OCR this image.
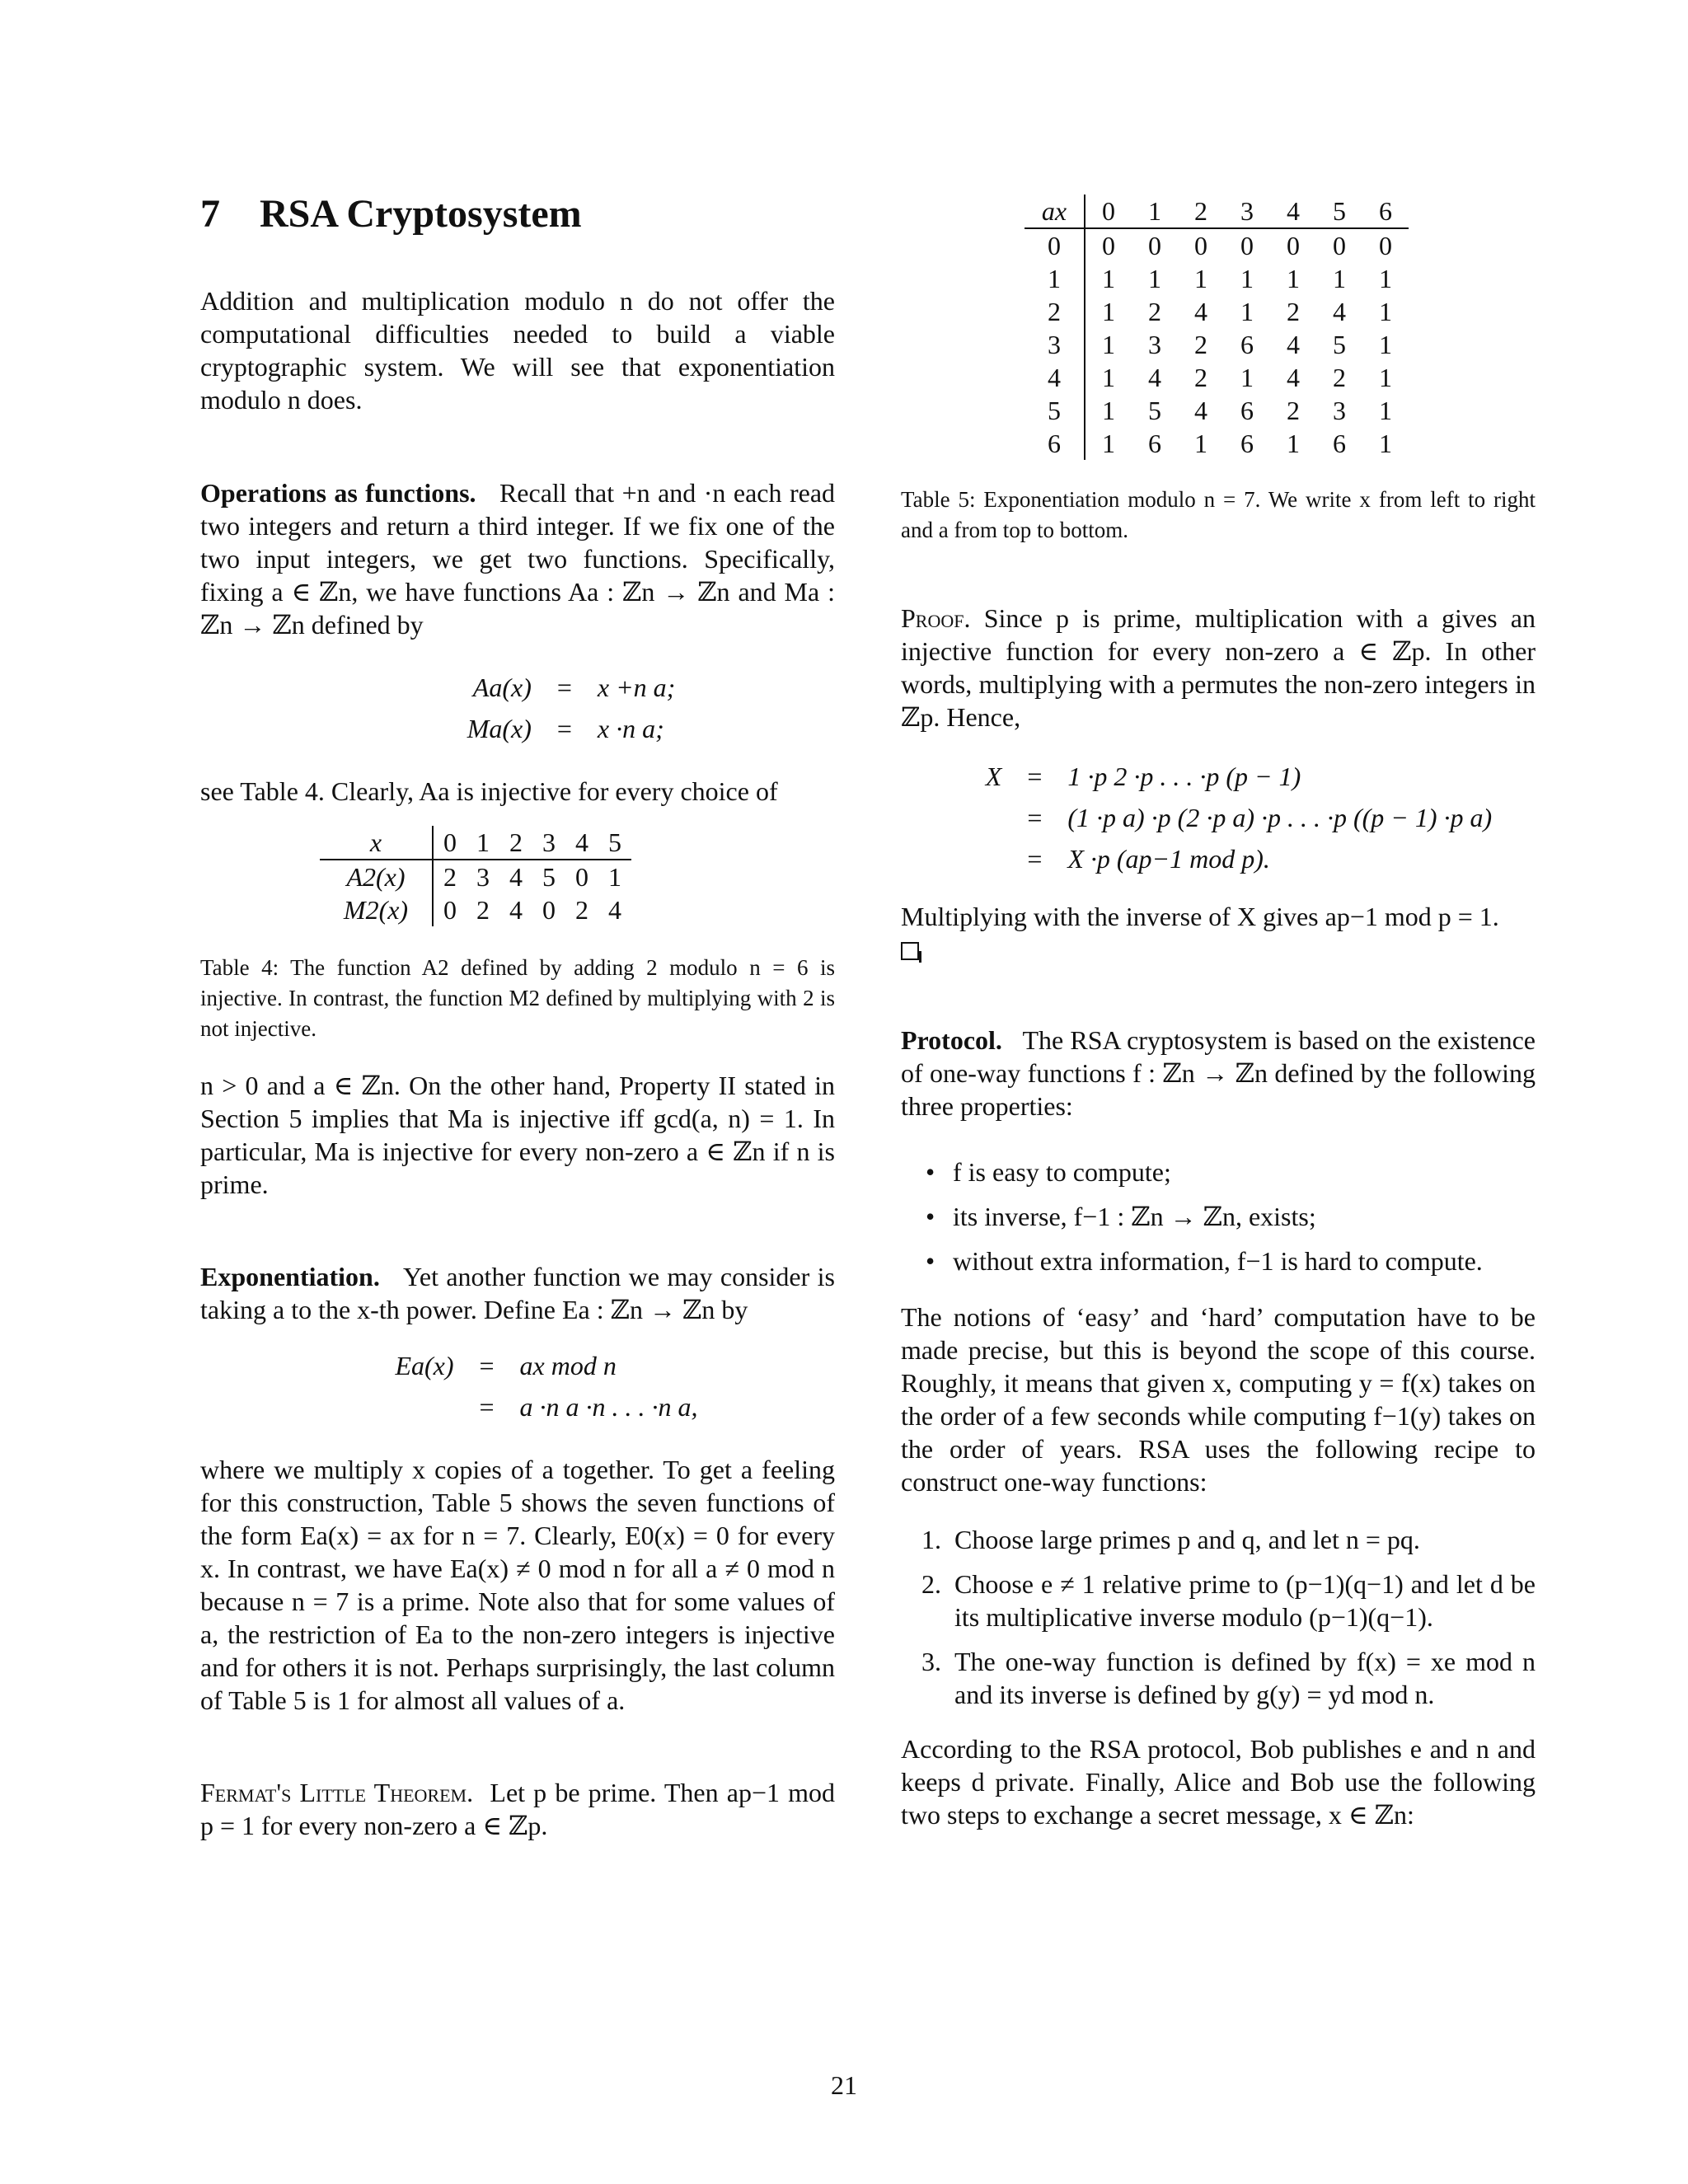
7 RSA Cryptosystem

Addition and multiplication modulo n do not offer the computational difficulties needed to build a viable cryptographic system. We will see that exponentiation modulo n does.

Operations as functions. Recall that +n and ·n each read two integers and return a third integer. If we fix one of the two input integers, we get two functions. Specifically, fixing a ∈ ℤn, we have functions Aa : ℤn → ℤn and Ma : ℤn → ℤn defined by

Aa(x) = x +n a;
Ma(x) = x ·n a;

see Table 4. Clearly, Aa is injective for every choice of

x	0	1	2	3	4	5
A2(x)	2	3	4	5	0	1
M2(x)	0	2	4	0	2	4

Table 4: The function A2 defined by adding 2 modulo n = 6 is injective. In contrast, the function M2 defined by multiplying with 2 is not injective.

n > 0 and a ∈ ℤn. On the other hand, Property II stated in Section 5 implies that Ma is injective iff gcd(a, n) = 1. In particular, Ma is injective for every non-zero a ∈ ℤn if n is prime.

Exponentiation. Yet another function we may consider is taking a to the x-th power. Define Ea : ℤn → ℤn by

Ea(x) = ax mod n
= a ·n a ·n . . . ·n a,

where we multiply x copies of a together. To get a feeling for this construction, Table 5 shows the seven functions of the form Ea(x) = ax for n = 7. Clearly, E0(x) = 0 for every x. In contrast, we have Ea(x) ≠ 0 mod n for all a ≠ 0 mod n because n = 7 is a prime. Note also that for some values of a, the restriction of Ea to the non-zero integers is injective and for others it is not. Perhaps surprisingly, the last column of Table 5 is 1 for almost all values of a.

Fermat's Little Theorem. Let p be prime. Then ap−1 mod p = 1 for every non-zero a ∈ ℤp.

ax	0	1	2	3	4	5	6
0	0	0	0	0	0	0	0
1	1	1	1	1	1	1	1
2	1	2	4	1	2	4	1
3	1	3	2	6	4	5	1
4	1	4	2	1	4	2	1
5	1	5	4	6	2	3	1
6	1	6	1	6	1	6	1

Table 5: Exponentiation modulo n = 7. We write x from left to right and a from top to bottom.

Proof. Since p is prime, multiplication with a gives an injective function for every non-zero a ∈ ℤp. In other words, multiplying with a permutes the non-zero integers in ℤp. Hence,

X = 1 ·p 2 ·p . . . ·p (p − 1)
= (1 ·p a) ·p (2 ·p a) ·p . . . ·p ((p − 1) ·p a)
= X ·p (ap−1 mod p).

Multiplying with the inverse of X gives ap−1 mod p = 1.

Protocol. The RSA cryptosystem is based on the existence of one-way functions f : ℤn → ℤn defined by the following three properties:

• f is easy to compute;
• its inverse, f−1 : ℤn → ℤn, exists;
• without extra information, f−1 is hard to compute.

The notions of ‘easy’ and ‘hard’ computation have to be made precise, but this is beyond the scope of this course. Roughly, it means that given x, computing y = f(x) takes on the order of a few seconds while computing f−1(y) takes on the order of years. RSA uses the following recipe to construct one-way functions:

1. Choose large primes p and q, and let n = pq.
2. Choose e ≠ 1 relative prime to (p−1)(q−1) and let d be its multiplicative inverse modulo (p−1)(q−1).
3. The one-way function is defined by f(x) = xe mod n and its inverse is defined by g(y) = yd mod n.

According to the RSA protocol, Bob publishes e and n and keeps d private. Finally, Alice and Bob use the following two steps to exchange a secret message, x ∈ ℤn:

21
